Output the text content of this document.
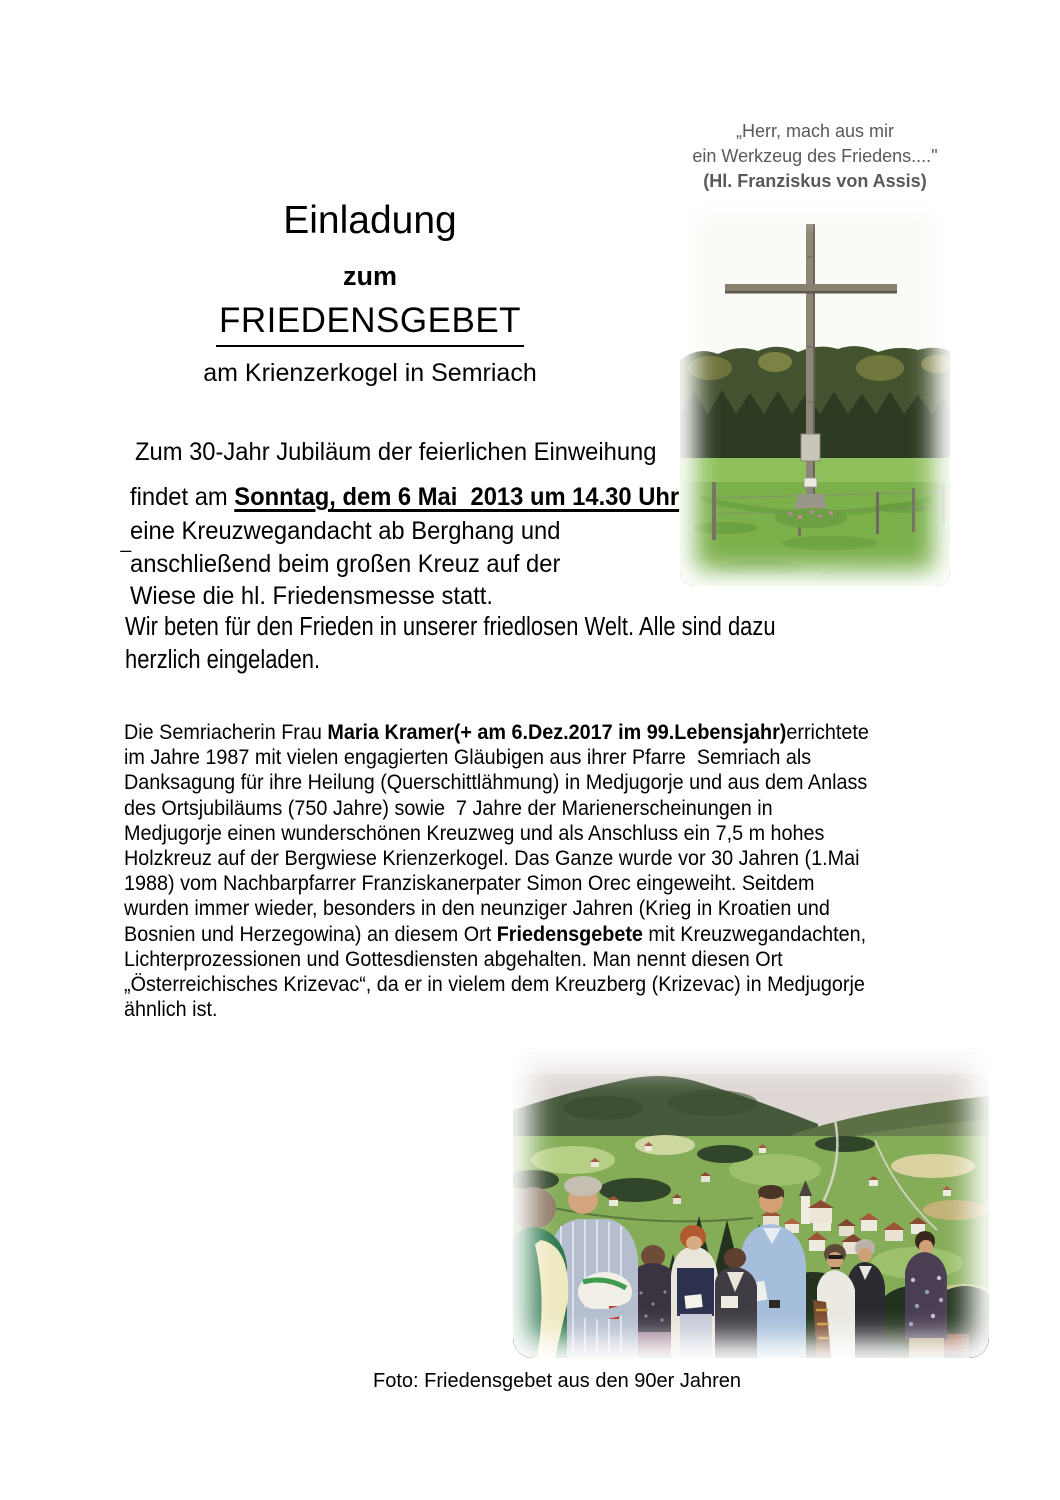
„Herr, mach aus mir
ein Werkzeug des Friedens...."
(Hl. Franziskus von Assis)
Einladung
zum
FRIEDENSGEBET
am Krienzerkogel in Semriach
Zum 30-Jahr Jubiläum der feierlichen Einweihung
findet am Sonntag, dem 6 Mai  2013 um 14.30 Uhr
_
eine Kreuzwegandacht ab Berghang und
anschließend beim großen Kreuz auf der
Wiese die hl. Friedensmesse statt.
Wir beten für den Frieden in unserer friedlosen Welt. Alle sind dazu
herzlich eingeladen.
Die Semriacherin Frau Maria Kramer(+ am 6.Dez.2017 im 99.Lebensjahr)errichtete
im Jahre 1987 mit vielen engagierten Gläubigen aus ihrer Pfarre  Semriach als
Danksagung für ihre Heilung (Querschittlähmung) in Medjugorje und aus dem Anlass
des Ortsjubiläums (750 Jahre) sowie  7 Jahre der Marienerscheinungen in
Medjugorje einen wunderschönen Kreuzweg und als Anschluss ein 7,5 m hohes
Holzkreuz auf der Bergwiese Krienzerkogel. Das Ganze wurde vor 30 Jahren (1.Mai
1988) vom Nachbarpfarrer Franziskanerpater Simon Orec eingeweiht. Seitdem
wurden immer wieder, besonders in den neunziger Jahren (Krieg in Kroatien und
Bosnien und Herzegowina) an diesem Ort Friedensgebete mit Kreuzwegandachten,
Lichterprozessionen und Gottesdiensten abgehalten. Man nennt diesen Ort
„Österreichisches Krizevac“, da er in vielem dem Kreuzberg (Krizevac) in Medjugorje
ähnlich ist.
Foto: Friedensgebet aus den 90er Jahren
